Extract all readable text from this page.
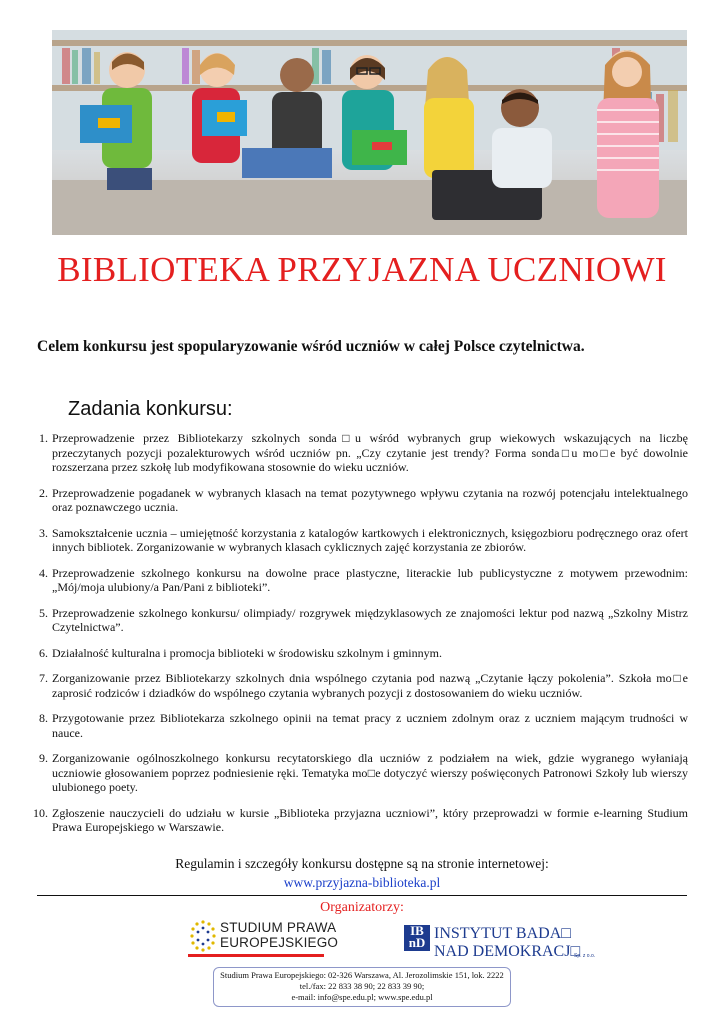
BIBLIOTEKA PRZYJAZNA UCZNIOWI

Celem konkursu jest spopularyzowanie wśród uczniów w całej Polsce czytelnictwa.

Zadania konkursu:
1. Przeprowadzenie przez Bibliotekarzy szkolnych sonda□u wśród wybranych grup wiekowych wskazujących na liczbę przeczytanych pozycji pozalekturowych wśród uczniów pn. „Czy czytanie jest trendy? Forma sonda□u mo□e być dowolnie rozszerzana przez szkołę lub modyfikowana stosownie do wieku uczniów.
2. Przeprowadzenie pogadanek w wybranych klasach na temat pozytywnego wpływu czytania na rozwój potencjału intelektualnego oraz poznawczego ucznia.
3. Samokształcenie ucznia – umiejętność korzystania z katalogów kartkowych i elektronicznych, księgozbioru podręcznego oraz ofert innych bibliotek. Zorganizowanie w wybranych klasach cyklicznych zajęć korzystania ze zbiorów.
4. Przeprowadzenie szkolnego konkursu na dowolne prace plastyczne, literackie lub publicystyczne z motywem przewodnim: „Mój/moja ulubiony/a Pan/Pani z biblioteki”.
5. Przeprowadzenie szkolnego konkursu/ olimpiady/ rozgrywek międzyklasowych ze znajomości lektur pod nazwą „Szkolny Mistrz Czytelnictwa”.
6. Działalność kulturalna i promocja biblioteki w środowisku szkolnym i gminnym.
7. Zorganizowanie przez Bibliotekarzy szkolnych dnia wspólnego czytania pod nazwą „Czytanie łączy pokolenia”. Szkoła mo□e zaprosić rodziców i dziadków do wspólnego czytania wybranych pozycji z dostosowaniem do wieku uczniów.
8. Przygotowanie przez Bibliotekarza szkolnego opinii na temat pracy z uczniem zdolnym oraz z uczniem mającym trudności w nauce.
9. Zorganizowanie ogólnoszkolnego konkursu recytatorskiego dla uczniów z podziałem na wiek, gdzie wygranego wyłaniają uczniowie głosowaniem poprzez podniesienie ręki. Tematyka mo□e dotyczyć wierszy poświęconych Patronowi Szkoły lub wierszy ulubionego poety.
10. Zgłoszenie nauczycieli do udziału w kursie „Biblioteka przyjazna uczniowi”, który przeprowadzi w formie e-learning Studium Prawa Europejskiego w Warszawie.

Regulamin i szczegóły konkursu dostępne są na stronie internetowej:

www.przyjazna-biblioteka.pl

Organizatorzy:

STUDIUM PRAWA
EUROPEJSKIEGO
IB
nD
INSTYTUT BADA□
NAD DEMOKRACJ□
Sp. z o.o.
Studium Prawa Europejskiego: 02-326 Warszawa, Al. Jerozolimskie 151, lok. 2222
tel./fax: 22 833 38 90; 22 833 39 90;
e-mail: info@spe.edu.pl; www.spe.edu.pl
